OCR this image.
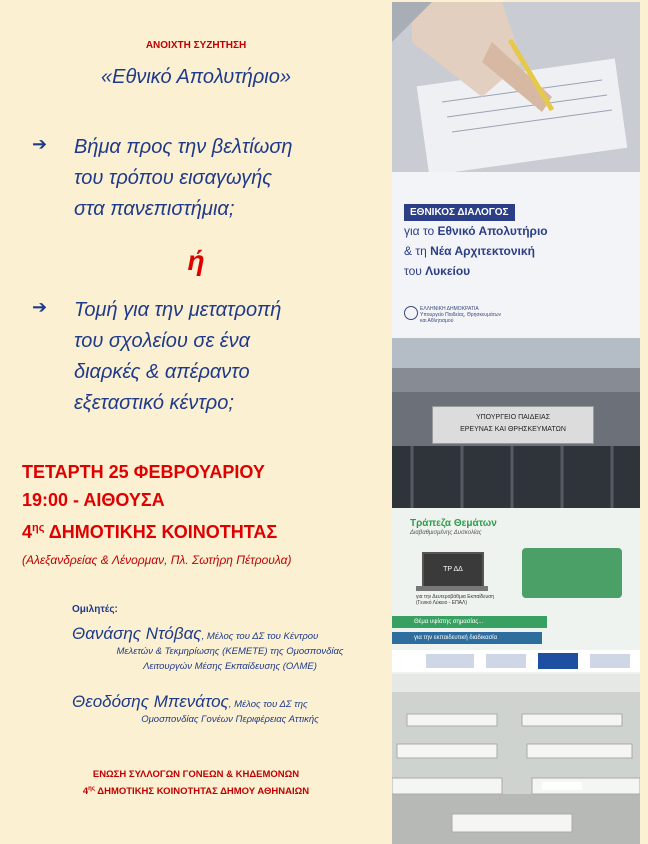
ΑΝΟΙΧΤΗ ΣΥΖΗΤΗΣΗ
«Εθνικό Απολυτήριο»
➔ Βήμα προς την βελτίωση
του τρόπου εισαγωγής
στα πανεπιστήμια;
ή
➔ Τομή για την μετατροπή
του σχολείου σε ένα
διαρκές & απέραντο
εξεταστικό κέντρο;
ΤΕΤΑΡΤΗ 25 ΦΕΒΡΟΥΑΡΙΟΥ
19:00 - ΑΙΘΟΥΣΑ
$4^{\eta\varsigma}$ ΔΗΜΟΤΙΚΗΣ ΚΟΙΝΟΤΗΤΑΣ
(Αλεξανδρείας & Λένορμαν, Πλ. Σωτήρη Πέτρουλα)
Ομιλητές:
Θανάσης Ντόβας, Μέλος του ΔΣ του Κέντρου
Μελετών & Τεκμηρίωσης (ΚΕΜΕΤΕ) της Ομοσπονδίας
Λειτουργών Μέσης Εκπαίδευσης (ΟΛΜΕ)
Θεοδόσης Μπενάτος, Μέλος του ΔΣ της
Ομοσπονδίας Γονέων Περιφέρειας Αττικής
ΕΝΩΣΗ ΣΥΛΛΟΓΩΝ ΓΟΝΕΩΝ & ΚΗΔΕΜΟΝΩΝ
$4^{\eta\varsigma}$ ΔΗΜΟΤΙΚΗΣ ΚΟΙΝΟΤΗΤΑΣ ΔΗΜΟΥ ΑΘΗΝΑΙΩΝ
ΕΘΝΙΚΟΣ ΔΙΑΛΟΓΟΣ
για το Εθνικό Απολυτήριο
& τη Νέα Αρχιτεκτονική
του Λυκείου
ΕΛΛΗΝΙΚΗ ΔΗΜΟΚΡΑΤΙΑ
Υπουργείο Παιδείας, Θρησκευμάτων
και Αθλητισμού
ΥΠΟΥΡΓΕΙΟ ΠΑΙΔΕΙΑΣ
ΕΡΕΥΝΑΣ ΚΑΙ ΘΡΗΣΚΕΥΜΑΤΩΝ
Τράπεζα Θεμάτων
Διαβαθμισμένης Δυσκολίας
ΤΡ ΔΔ
για την Δευτεροβάθμια Εκπαίδευση
(Γενικό Λύκειο - ΕΠΑΛ)
Θέμα υψίστης σημασίας...
για την εκπαιδευτική διαδικασία
